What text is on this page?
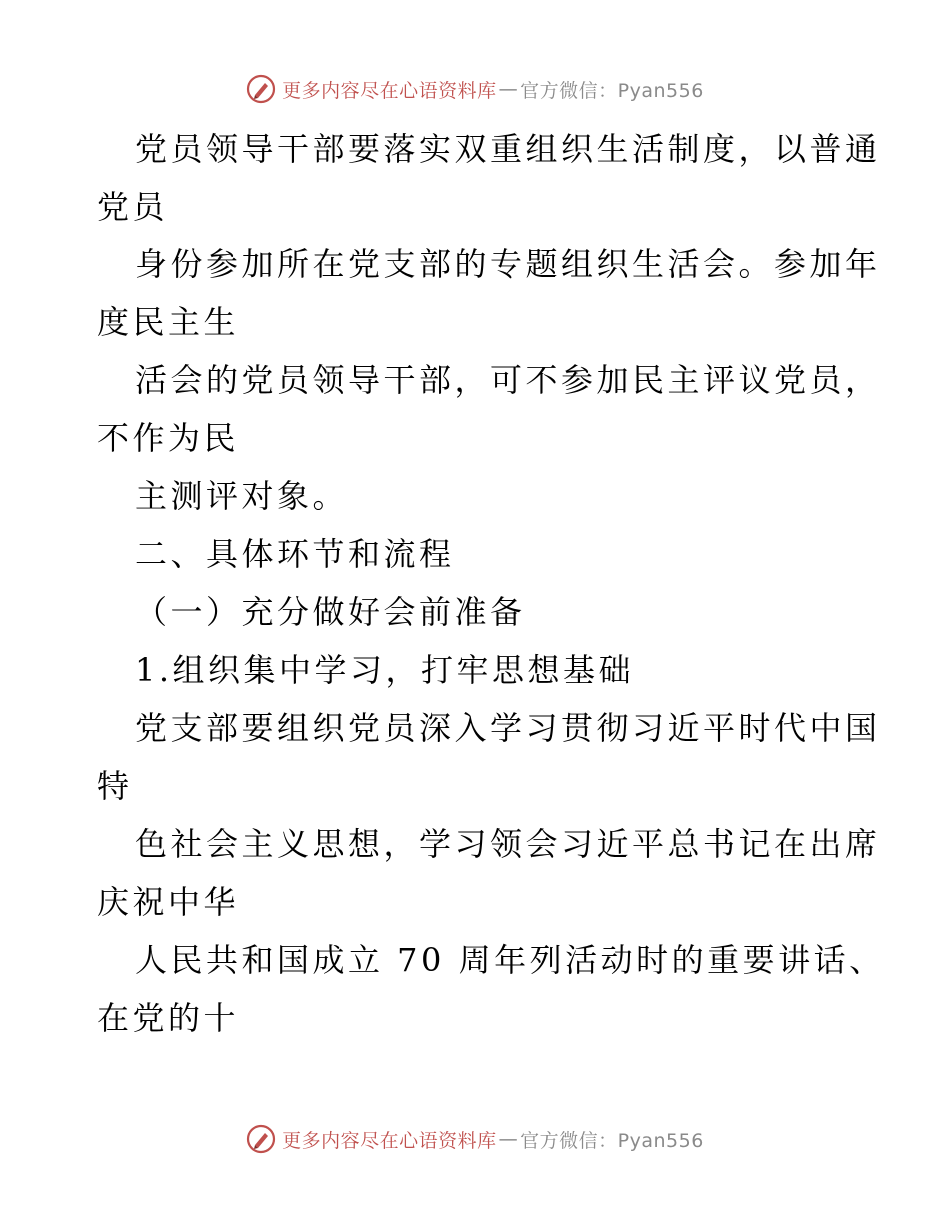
更多内容尽在心语资料库 — 官方微信：Pyan556
党员领导干部要落实双重组织生活制度，以普通
党员
身份参加所在党支部的专题组织生活会。参加年
度民主生
活会的党员领导干部，可不参加民主评议党员，
不作为民
主测评对象。
二、具体环节和流程
（一）充分做好会前准备
1.组织集中学习，打牢思想基础
党支部要组织党员深入学习贯彻习近平时代中国
特
色社会主义思想，学习领会习近平总书记在出席
庆祝中华
人民共和国成立 70 周年列活动时的重要讲话、
在党的十
更多内容尽在心语资料库 — 官方微信：Pyan556
